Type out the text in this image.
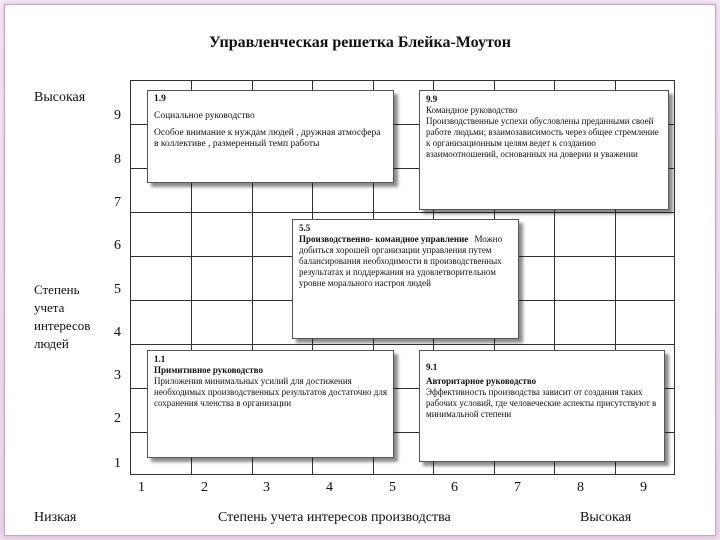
Управленческая решетка Блейка-Моутон
Высокая
Степень
учета
интересов
людей
9
8
7
6
5
4
3
2
1
1	2	3	4	5	6	7	8	9
Низкая	Степень учета интересов производства	Высокая
1.9
Социальное руководство
Особое внимание к нуждам людей , дружная атмосфера в коллективе , размеренный темп работы
9.9
Командное руководство
Производственные успехи обусловлены преданными своей работе людьми; взаимозависимость через общее стремление к организационным целям ведет к созданию взаимоотношений, основанных на доверии и уважении
5.5
Производственно- командное управление Можно добиться хорошей организации управления путем балансирования необходимости в производственных результатах и поддержания на удовлетворительном уровне морального настроя людей
1.1
Примитивное руководство
Приложения минимальных усилий для достижения необходимых производственных результатов достаточно для сохранения членства в организации
9.1
Авторитарное руководство
Эффективность производства зависит от создания таких рабочих условий, где человеческие аспекты присутствуют в минимальной степени
